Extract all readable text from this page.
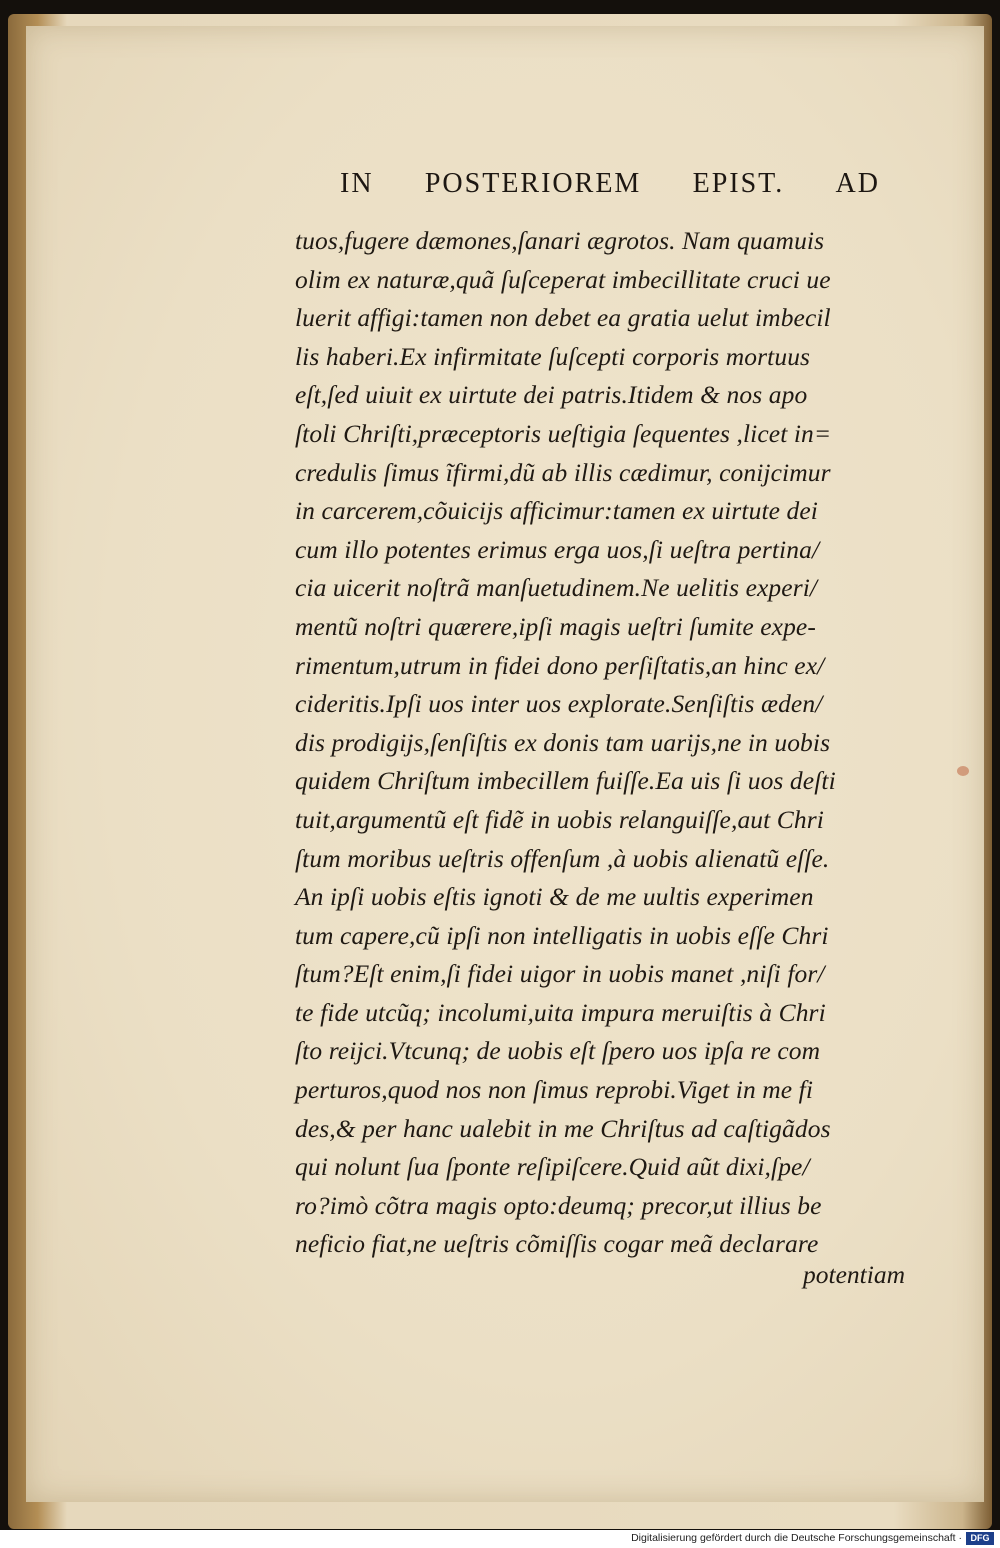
IN POSTERIOREM EPIST. AD
tuos,fugere dæmones,ſanari ægrotos. Nam quamuis
olim ex naturæ,quã ſuſceperat imbecillitate cruci ue
luerit affigi:tamen non debet ea gratia uelut imbecil
lis haberi.Ex infirmitate ſuſcepti corporis mortuus
eſt,ſed uiuit ex uirtute dei patris.Itidem & nos apo
ſtoli Chriſti,præceptoris ueſtigia ſequentes ,licet in=
credulis ſimus ĩfirmi,dũ ab illis cædimur, conijcimur
in carcerem,cõuicijs afficimur:tamen ex uirtute dei
cum illo potentes erimus erga uos,ſi ueſtra pertina/
cia uicerit noſtrã manſuetudinem.Ne uelitis experi/
mentũ noſtri quærere,ipſi magis ueſtri ſumite expe-
rimentum,utrum in fidei dono perſiſtatis,an hinc ex/
cideritis.Ipſi uos inter uos explorate.Senſiſtis æden/
dis prodigijs,ſenſiſtis ex donis tam uarijs,ne in uobis
quidem Chriſtum imbecillem fuiſſe.Ea uis ſi uos deſti
tuit,argumentũ eſt fidẽ in uobis relanguiſſe,aut Chri
ſtum moribus ueſtris offenſum ,à uobis alienatũ eſſe.
An ipſi uobis eſtis ignoti & de me uultis experimen
tum capere,cũ ipſi non intelligatis in uobis eſſe Chri
ſtum?Eſt enim,ſi fidei uigor in uobis manet ,niſi for/
te fide utcũq; incolumi,uita impura meruiſtis à Chri
ſto reijci.Vtcunq; de uobis eſt ſpero uos ipſa re com
perturos,quod nos non ſimus reprobi.Viget in me fi
des,& per hanc ualebit in me Chriſtus ad caſtigãdos
qui nolunt ſua ſponte reſipiſcere.Quid aũt dixi,ſpe/
ro?imò cõtra magis opto:deumq; precor,ut illius be
neficio fiat,ne ueſtris cõmiſſis cogar meã declarare
potentiam
Digitalisierung gefördert durch die Deutsche Forschungsgemeinschaft · DFG
